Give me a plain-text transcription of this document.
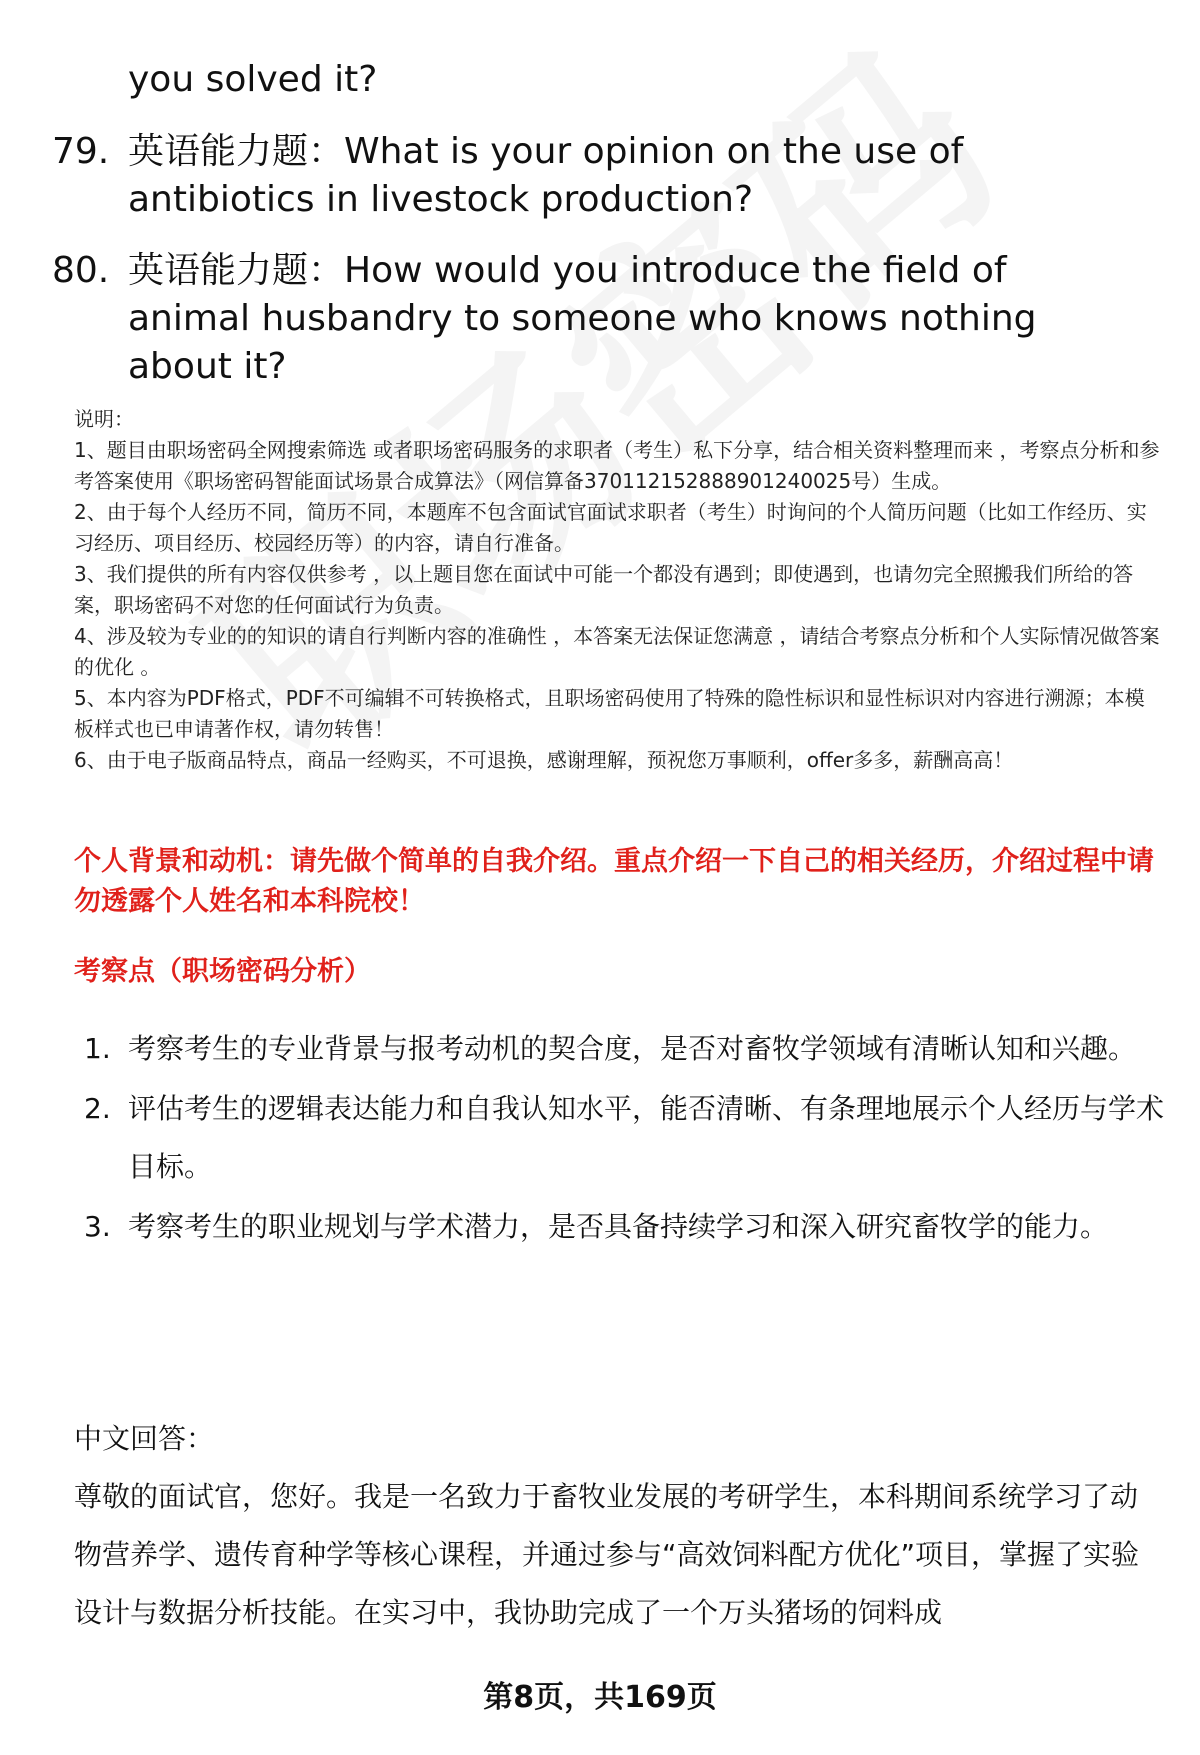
you solved it?
79. 英语能力题：What is your opinion on the use of antibiotics in livestock production?
80. 英语能力题：How would you introduce the field of animal husbandry to someone who knows nothing about it?
说明：
1、题目由职场密码全网搜索筛选 或者职场密码服务的求职者（考生）私下分享，结合相关资料整理而来 ，考察点分析和参考答案使用《职场密码智能面试场景合成算法》（网信算备370112152888901240025号）生成。
2、由于每个人经历不同，简历不同，本题库不包含面试官面试求职者（考生）时询问的个人简历问题（比如工作经历、实习经历、项目经历、校园经历等）的内容，请自行准备。
3、我们提供的所有内容仅供参考 ，以上题目您在面试中可能一个都没有遇到；即使遇到，也请勿完全照搬我们所给的答案，职场密码不对您的任何面试行为负责。
4、涉及较为专业的的知识的请自行判断内容的准确性 ，本答案无法保证您满意 ，请结合考察点分析和个人实际情况做答案的优化 。
5、本内容为PDF格式，PDF不可编辑不可转换格式，且职场密码使用了特殊的隐性标识和显性标识对内容进行溯源；本模板样式也已申请著作权，请勿转售！
6、由于电子版商品特点，商品一经购买，不可退换，感谢理解，预祝您万事顺利，offer多多，薪酬高高！
个人背景和动机：请先做个简单的自我介绍。重点介绍一下自己的相关经历，介绍过程中请勿透露个人姓名和本科院校！
考察点（职场密码分析）
1. 考察考生的专业背景与报考动机的契合度，是否对畜牧学领域有清晰认知和兴趣。
2. 评估考生的逻辑表达能力和自我认知水平，能否清晰、有条理地展示个人经历与学术目标。
3. 考察考生的职业规划与学术潜力，是否具备持续学习和深入研究畜牧学的能力。
中文回答：
尊敬的面试官，您好。我是一名致力于畜牧业发展的考研学生，本科期间系统学习了动物营养学、遗传育种学等核心课程，并通过参与“高效饲料配方优化”项目，掌握了实验设计与数据分析技能。在实习中，我协助完成了一个万头猪场的饲料成
第8页，共169页
